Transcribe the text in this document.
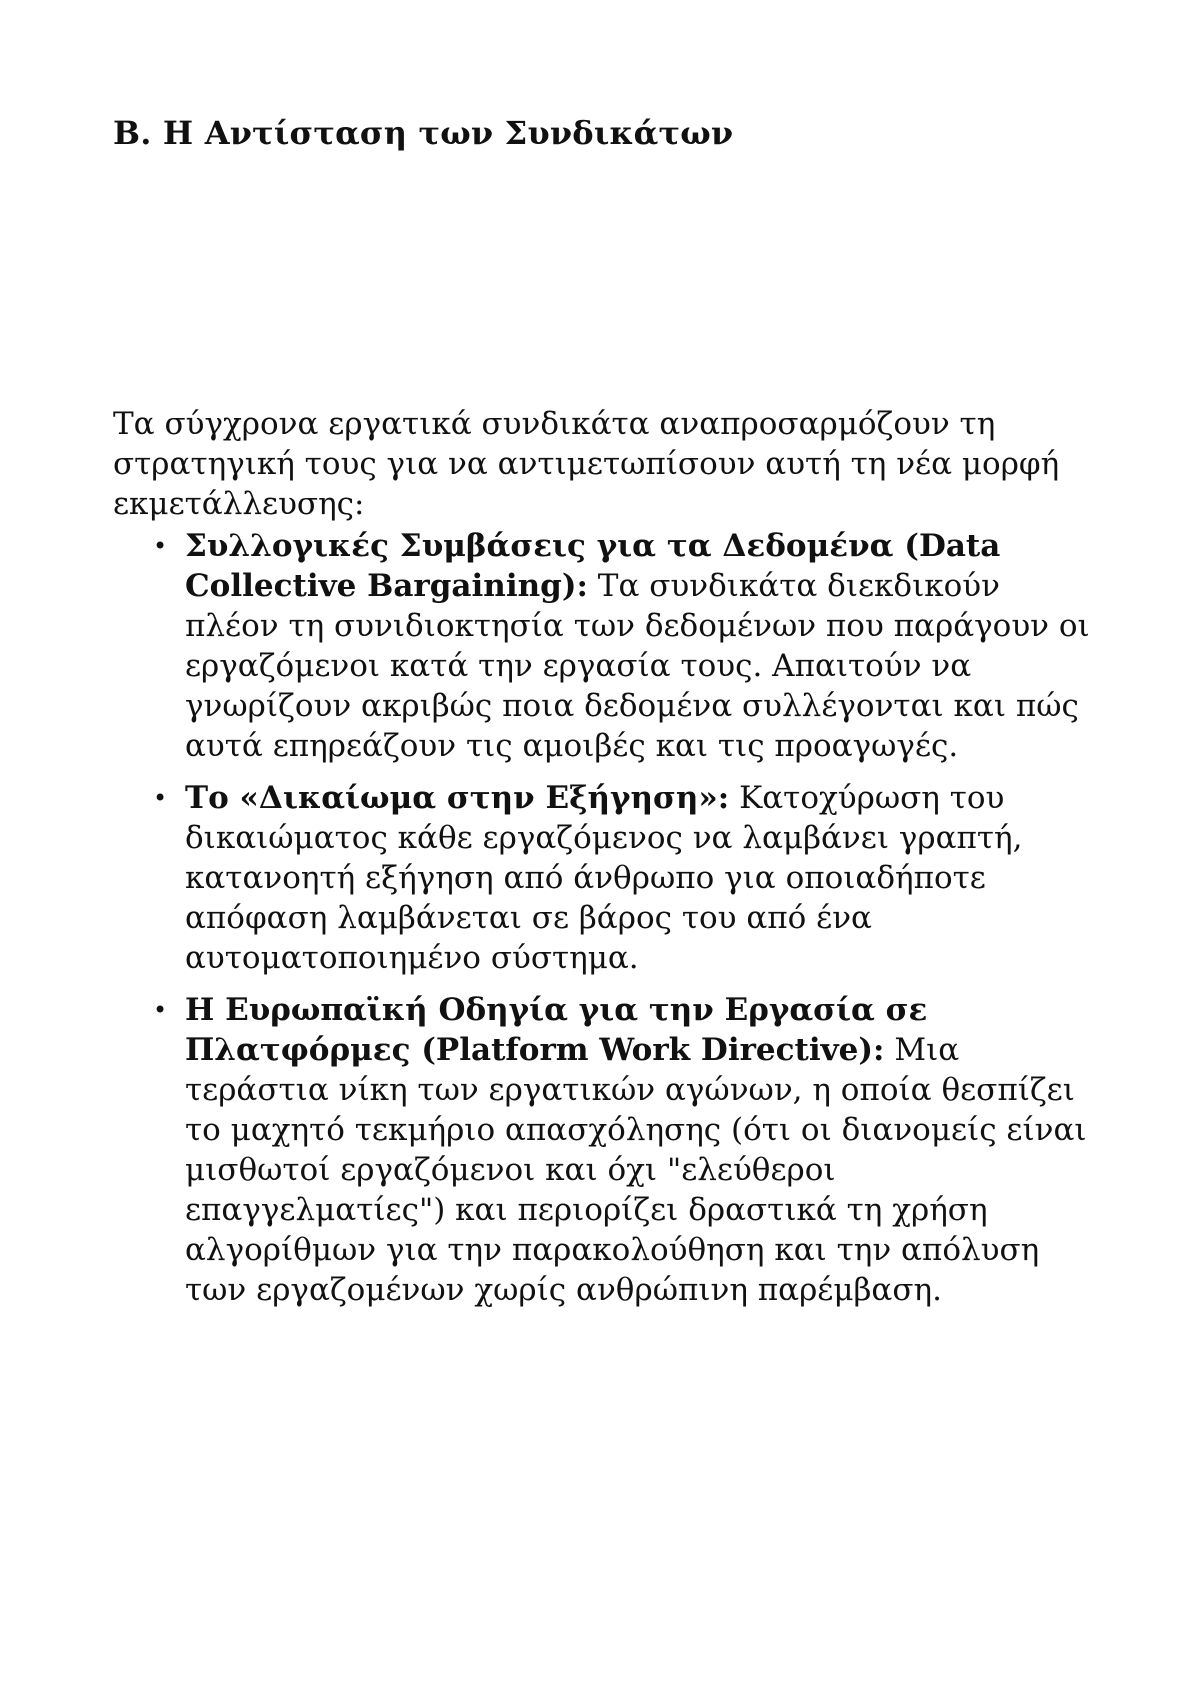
B. Η Αντίσταση των Συνδικάτων

Τα σύγχρονα εργατικά συνδικάτα αναπροσαρμόζουν τη στρατηγική τους για να αντιμετωπίσουν αυτή τη νέα μορφή εκμετάλλευσης:

• Συλλογικές Συμβάσεις για τα Δεδομένα (Data Collective Bargaining): Τα συνδικάτα διεκδικούν πλέον τη συνιδιοκτησία των δεδομένων που παράγουν οι εργαζόμενοι κατά την εργασία τους. Απαιτούν να γνωρίζουν ακριβώς ποια δεδομένα συλλέγονται και πώς αυτά επηρεάζουν τις αμοιβές και τις προαγωγές.
• Το «Δικαίωμα στην Εξήγηση»: Κατοχύρωση του δικαιώματος κάθε εργαζόμενος να λαμβάνει γραπτή, κατανοητή εξήγηση από άνθρωπο για οποιαδήποτε απόφαση λαμβάνεται σε βάρος του από ένα αυτοματοποιημένο σύστημα.
• Η Ευρωπαϊκή Οδηγία για την Εργασία σε Πλατφόρμες (Platform Work Directive): Μια τεράστια νίκη των εργατικών αγώνων, η οποία θεσπίζει το μαχητό τεκμήριο απασχόλησης (ότι οι διανομείς είναι μισθωτοί εργαζόμενοι και όχι "ελεύθεροι επαγγελματίες") και περιορίζει δραστικά τη χρήση αλγορίθμων για την παρακολούθηση και την απόλυση των εργαζομένων χωρίς ανθρώπινη παρέμβαση.
